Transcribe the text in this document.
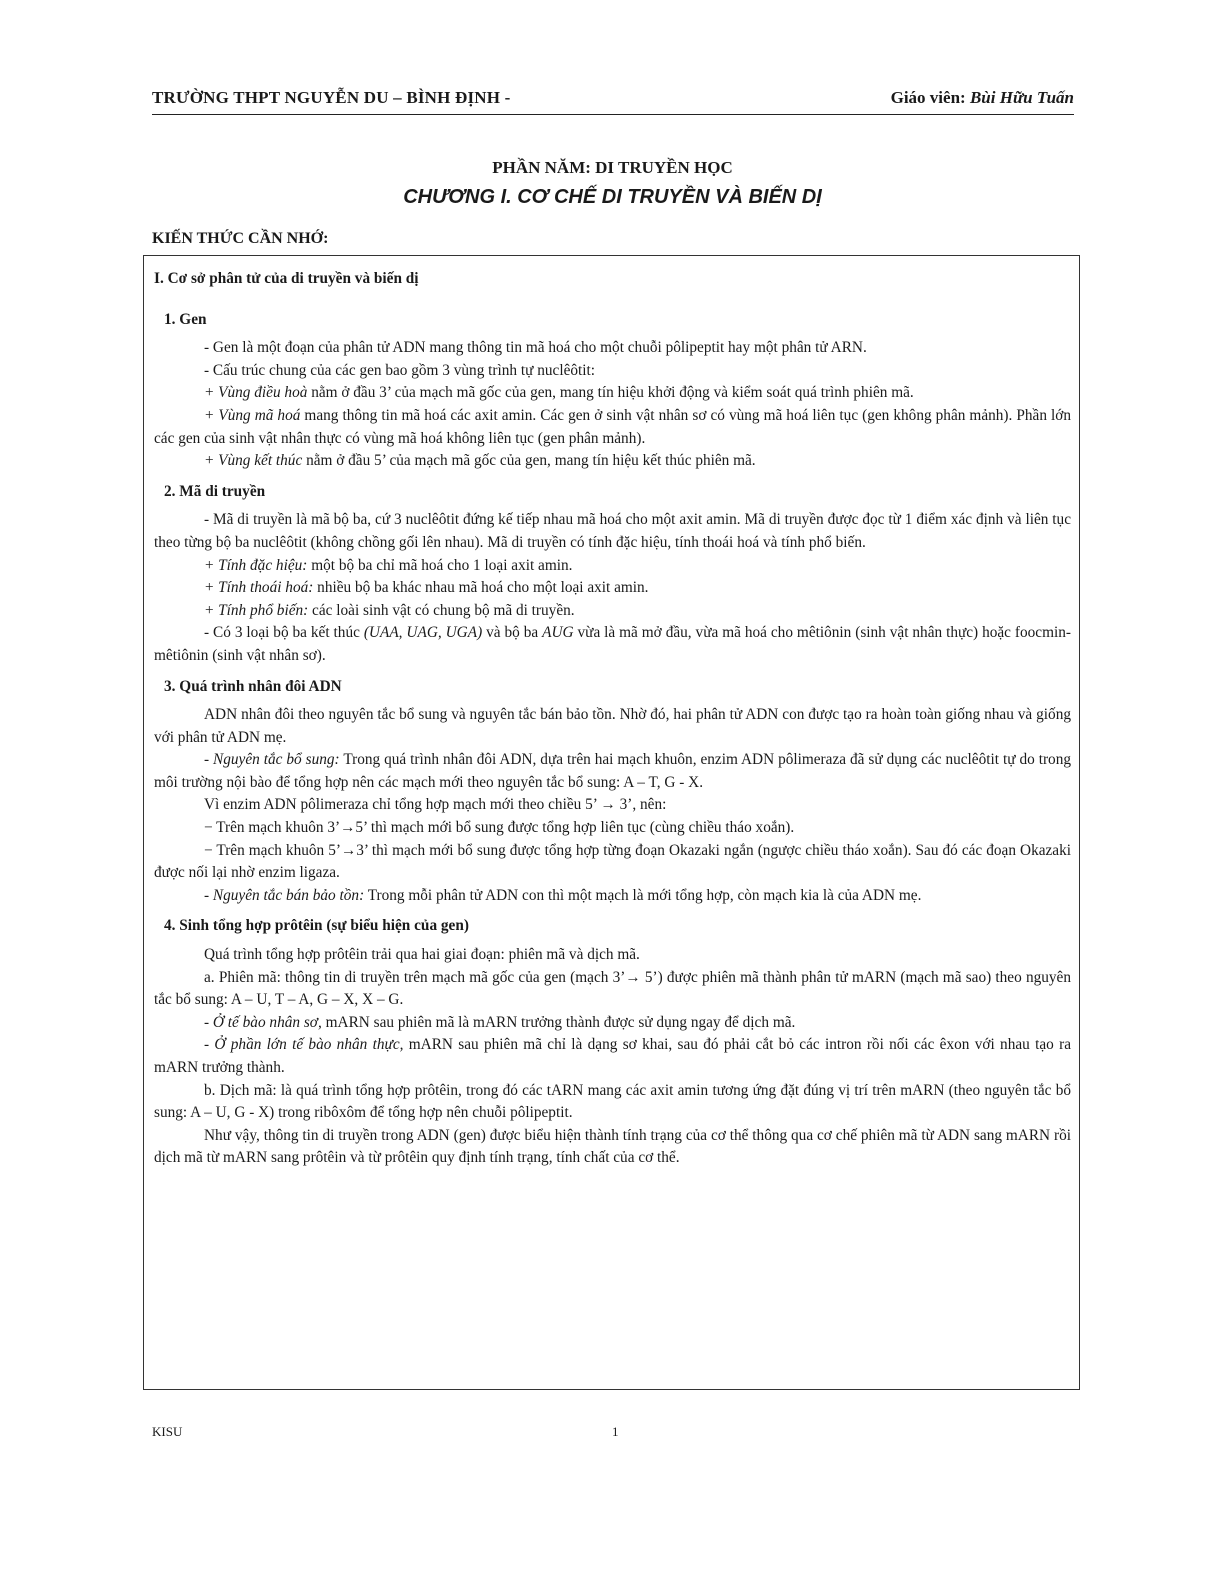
TRƯỜNG THPT NGUYỄN DU – BÌNH ĐỊNH -	Giáo viên: Bùi Hữu Tuấn
PHẦN NĂM: DI TRUYỀN HỌC
CHƯƠNG I. CƠ CHẾ DI TRUYỀN VÀ BIẾN DỊ
KIẾN THỨC CẦN NHỚ:

I. Cơ sở phân tử của di truyền và biến dị

1. Gen

- Gen là một đoạn của phân tử ADN mang thông tin mã hoá cho một chuỗi pôlipeptit hay một phân tử ARN.

- Cấu trúc chung của các gen bao gồm 3 vùng trình tự nuclêôtit:

+ Vùng điều hoà nằm ở đầu 3’ của mạch mã gốc của gen, mang tín hiệu khởi động và kiểm soát quá trình phiên mã.

+ Vùng mã hoá mang thông tin mã hoá các axit amin. Các gen ở sinh vật nhân sơ có vùng mã hoá liên tục (gen không phân mảnh). Phần lớn các gen của sinh vật nhân thực có vùng mã hoá không liên tục (gen phân mảnh).

+ Vùng kết thúc nằm ở đầu 5’ của mạch mã gốc của gen, mang tín hiệu kết thúc phiên mã.

2. Mã di truyền

- Mã di truyền là mã bộ ba, cứ 3 nuclêôtit đứng kế tiếp nhau mã hoá cho một axit amin. Mã di truyền được đọc từ 1 điểm xác định và liên tục theo từng bộ ba nuclêôtit (không chồng gối lên nhau). Mã di truyền có tính đặc hiệu, tính thoái hoá và tính phổ biến.

+ Tính đặc hiệu: một bộ ba chỉ mã hoá cho 1 loại axit amin.

+ Tính thoái hoá: nhiều bộ ba khác nhau mã hoá cho một loại axit amin.

+ Tính phổ biến: các loài sinh vật có chung bộ mã di truyền.

- Có 3 loại bộ ba kết thúc (UAA, UAG, UGA) và bộ ba AUG vừa là mã mở đầu, vừa mã hoá cho mêtiônin (sinh vật nhân thực) hoặc foocmin-mêtiônin (sinh vật nhân sơ).

3. Quá trình nhân đôi ADN

ADN nhân đôi theo nguyên tắc bổ sung và nguyên tắc bán bảo tồn. Nhờ đó, hai phân tử ADN con được tạo ra hoàn toàn giống nhau và giống với phân tử ADN mẹ.

- Nguyên tắc bổ sung: Trong quá trình nhân đôi ADN, dựa trên hai mạch khuôn, enzim ADN pôlimeraza đã sử dụng các nuclêôtit tự do trong môi trường nội bào để tổng hợp nên các mạch mới theo nguyên tắc bổ sung: A – T, G - X.

Vì enzim ADN pôlimeraza chỉ tổng hợp mạch mới theo chiều 5’ → 3’, nên:

− Trên mạch khuôn 3’→5’ thì mạch mới bổ sung được tổng hợp liên tục (cùng chiều tháo xoắn).

− Trên mạch khuôn 5’→3’ thì mạch mới bổ sung được tổng hợp từng đoạn Okazaki ngắn (ngược chiều tháo xoắn). Sau đó các đoạn Okazaki được nối lại nhờ enzim ligaza.

- Nguyên tắc bán bảo tồn: Trong mỗi phân tử ADN con thì một mạch là mới tổng hợp, còn mạch kia là của ADN mẹ.

4. Sinh tổng hợp prôtêin (sự biểu hiện của gen)

Quá trình tổng hợp prôtêin trải qua hai giai đoạn: phiên mã và dịch mã.

a. Phiên mã: thông tin di truyền trên mạch mã gốc của gen (mạch 3’→ 5’) được phiên mã thành phân tử mARN (mạch mã sao) theo nguyên tắc bổ sung: A – U, T – A, G – X, X – G.

- Ở tế bào nhân sơ, mARN sau phiên mã là mARN trưởng thành được sử dụng ngay để dịch mã.

- Ở phần lớn tế bào nhân thực, mARN sau phiên mã chỉ là dạng sơ khai, sau đó phải cắt bỏ các intron rồi nối các êxon với nhau tạo ra mARN trưởng thành.

b. Dịch mã: là quá trình tổng hợp prôtêin, trong đó các tARN mang các axit amin tương ứng đặt đúng vị trí trên mARN (theo nguyên tắc bổ sung: A – U, G - X) trong ribôxôm để tổng hợp nên chuỗi pôlipeptit.

Như vậy, thông tin di truyền trong ADN (gen) được biểu hiện thành tính trạng của cơ thể thông qua cơ chế phiên mã từ ADN sang mARN rồi dịch mã từ mARN sang prôtêin và từ prôtêin quy định tính trạng, tính chất của cơ thể.

KISU	1
